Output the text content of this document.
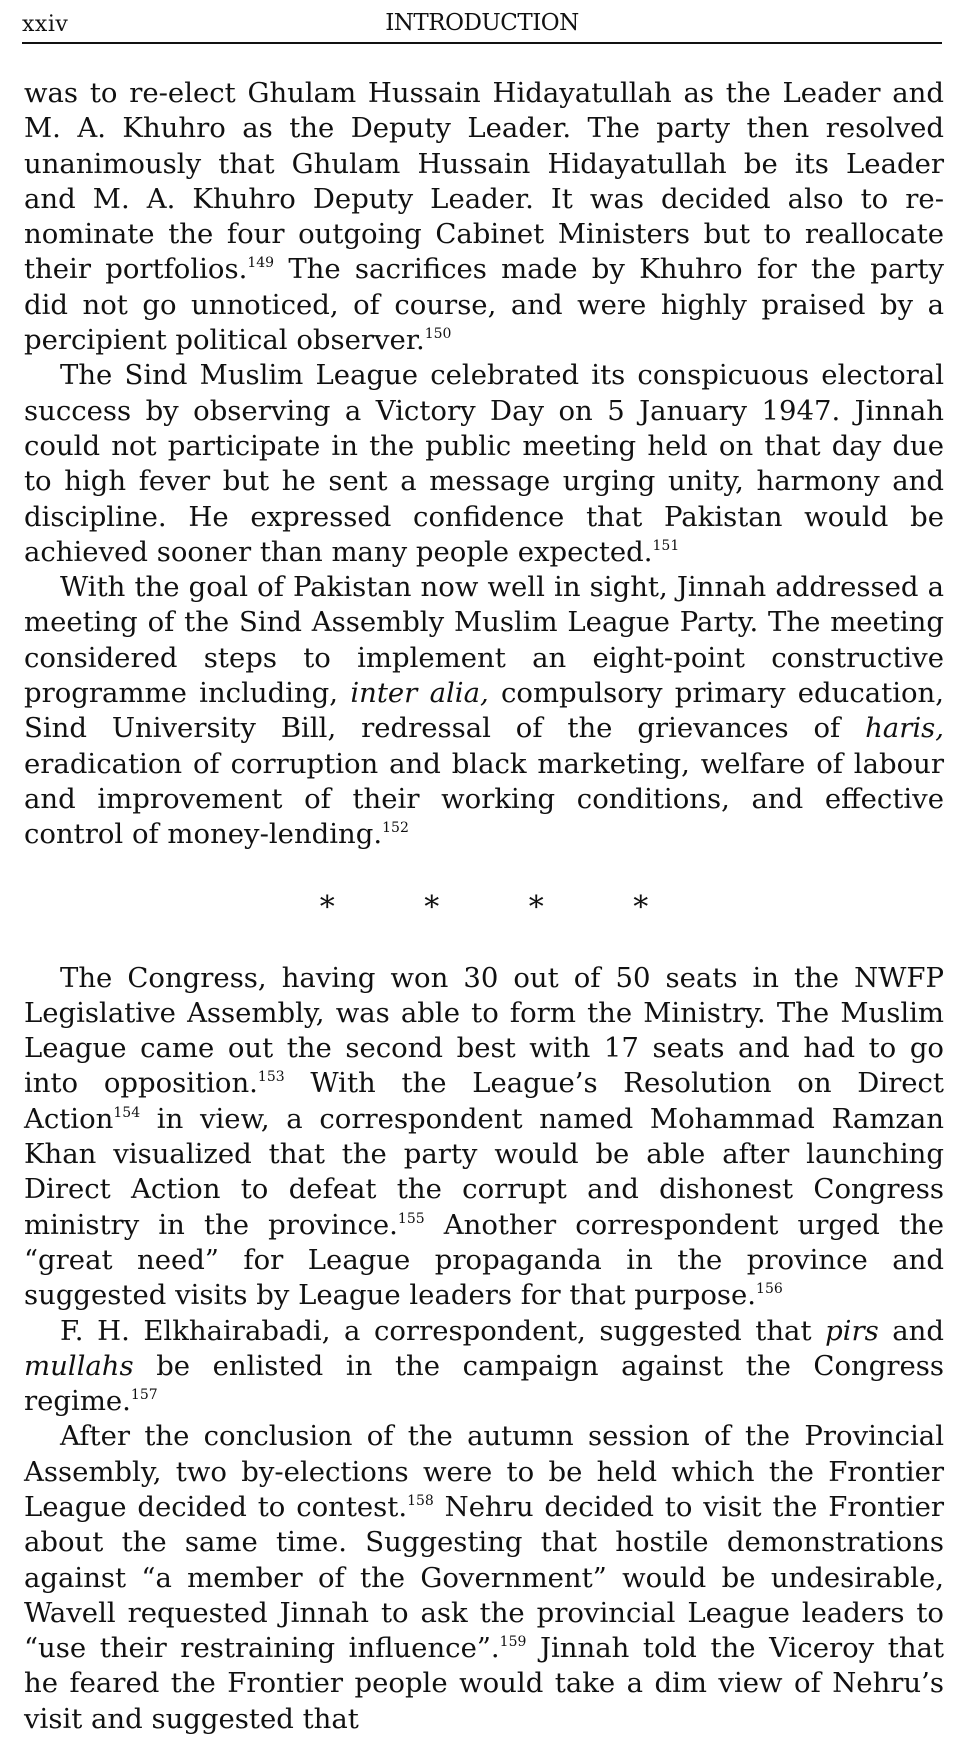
xxiv	INTRODUCTION

was to re-elect Ghulam Hussain Hidayatullah as the Leader and M. A. Khuhro as the Deputy Leader. The party then resolved unanimously that Ghulam Hussain Hidayatullah be its Leader and M. A. Khuhro Deputy Leader. It was decided also to re-nominate the four outgoing Cabinet Ministers but to reallocate their portfolios.$^{149}$ The sacrifices made by Khuhro for the party did not go unnoticed, of course, and were highly praised by a percipient political observer.$^{150}$

The Sind Muslim League celebrated its conspicuous electoral success by observing a Victory Day on 5 January 1947. Jinnah could not participate in the public meeting held on that day due to high fever but he sent a message urging unity, harmony and discipline. He expressed confidence that Pakistan would be achieved sooner than many people expected.$^{151}$

With the goal of Pakistan now well in sight, Jinnah addressed a meeting of the Sind Assembly Muslim League Party. The meeting considered steps to implement an eight-point constructive programme including, inter alia, compulsory primary education, Sind University Bill, redressal of the grievances of haris, eradication of corruption and black marketing, welfare of labour and improvement of their working conditions, and effective control of money-lending.$^{152}$

* * * *

The Congress, having won 30 out of 50 seats in the NWFP Legislative Assembly, was able to form the Ministry. The Muslim League came out the second best with 17 seats and had to go into opposition.$^{153}$ With the League’s Resolution on Direct Action$^{154}$ in view, a correspondent named Mohammad Ramzan Khan visualized that the party would be able after launching Direct Action to defeat the corrupt and dishonest Congress ministry in the province.$^{155}$ Another correspondent urged the “great need” for League propaganda in the province and suggested visits by League leaders for that purpose.$^{156}$

F. H. Elkhairabadi, a correspondent, suggested that pirs and mullahs be enlisted in the campaign against the Congress regime.$^{157}$

After the conclusion of the autumn session of the Provincial Assembly, two by-elections were to be held which the Frontier League decided to contest.$^{158}$ Nehru decided to visit the Frontier about the same time. Suggesting that hostile demonstrations against “a member of the Government” would be undesirable, Wavell requested Jinnah to ask the provincial League leaders to “use their restraining influence”.$^{159}$ Jinnah told the Viceroy that he feared the Frontier people would take a dim view of Nehru’s visit and suggested that
